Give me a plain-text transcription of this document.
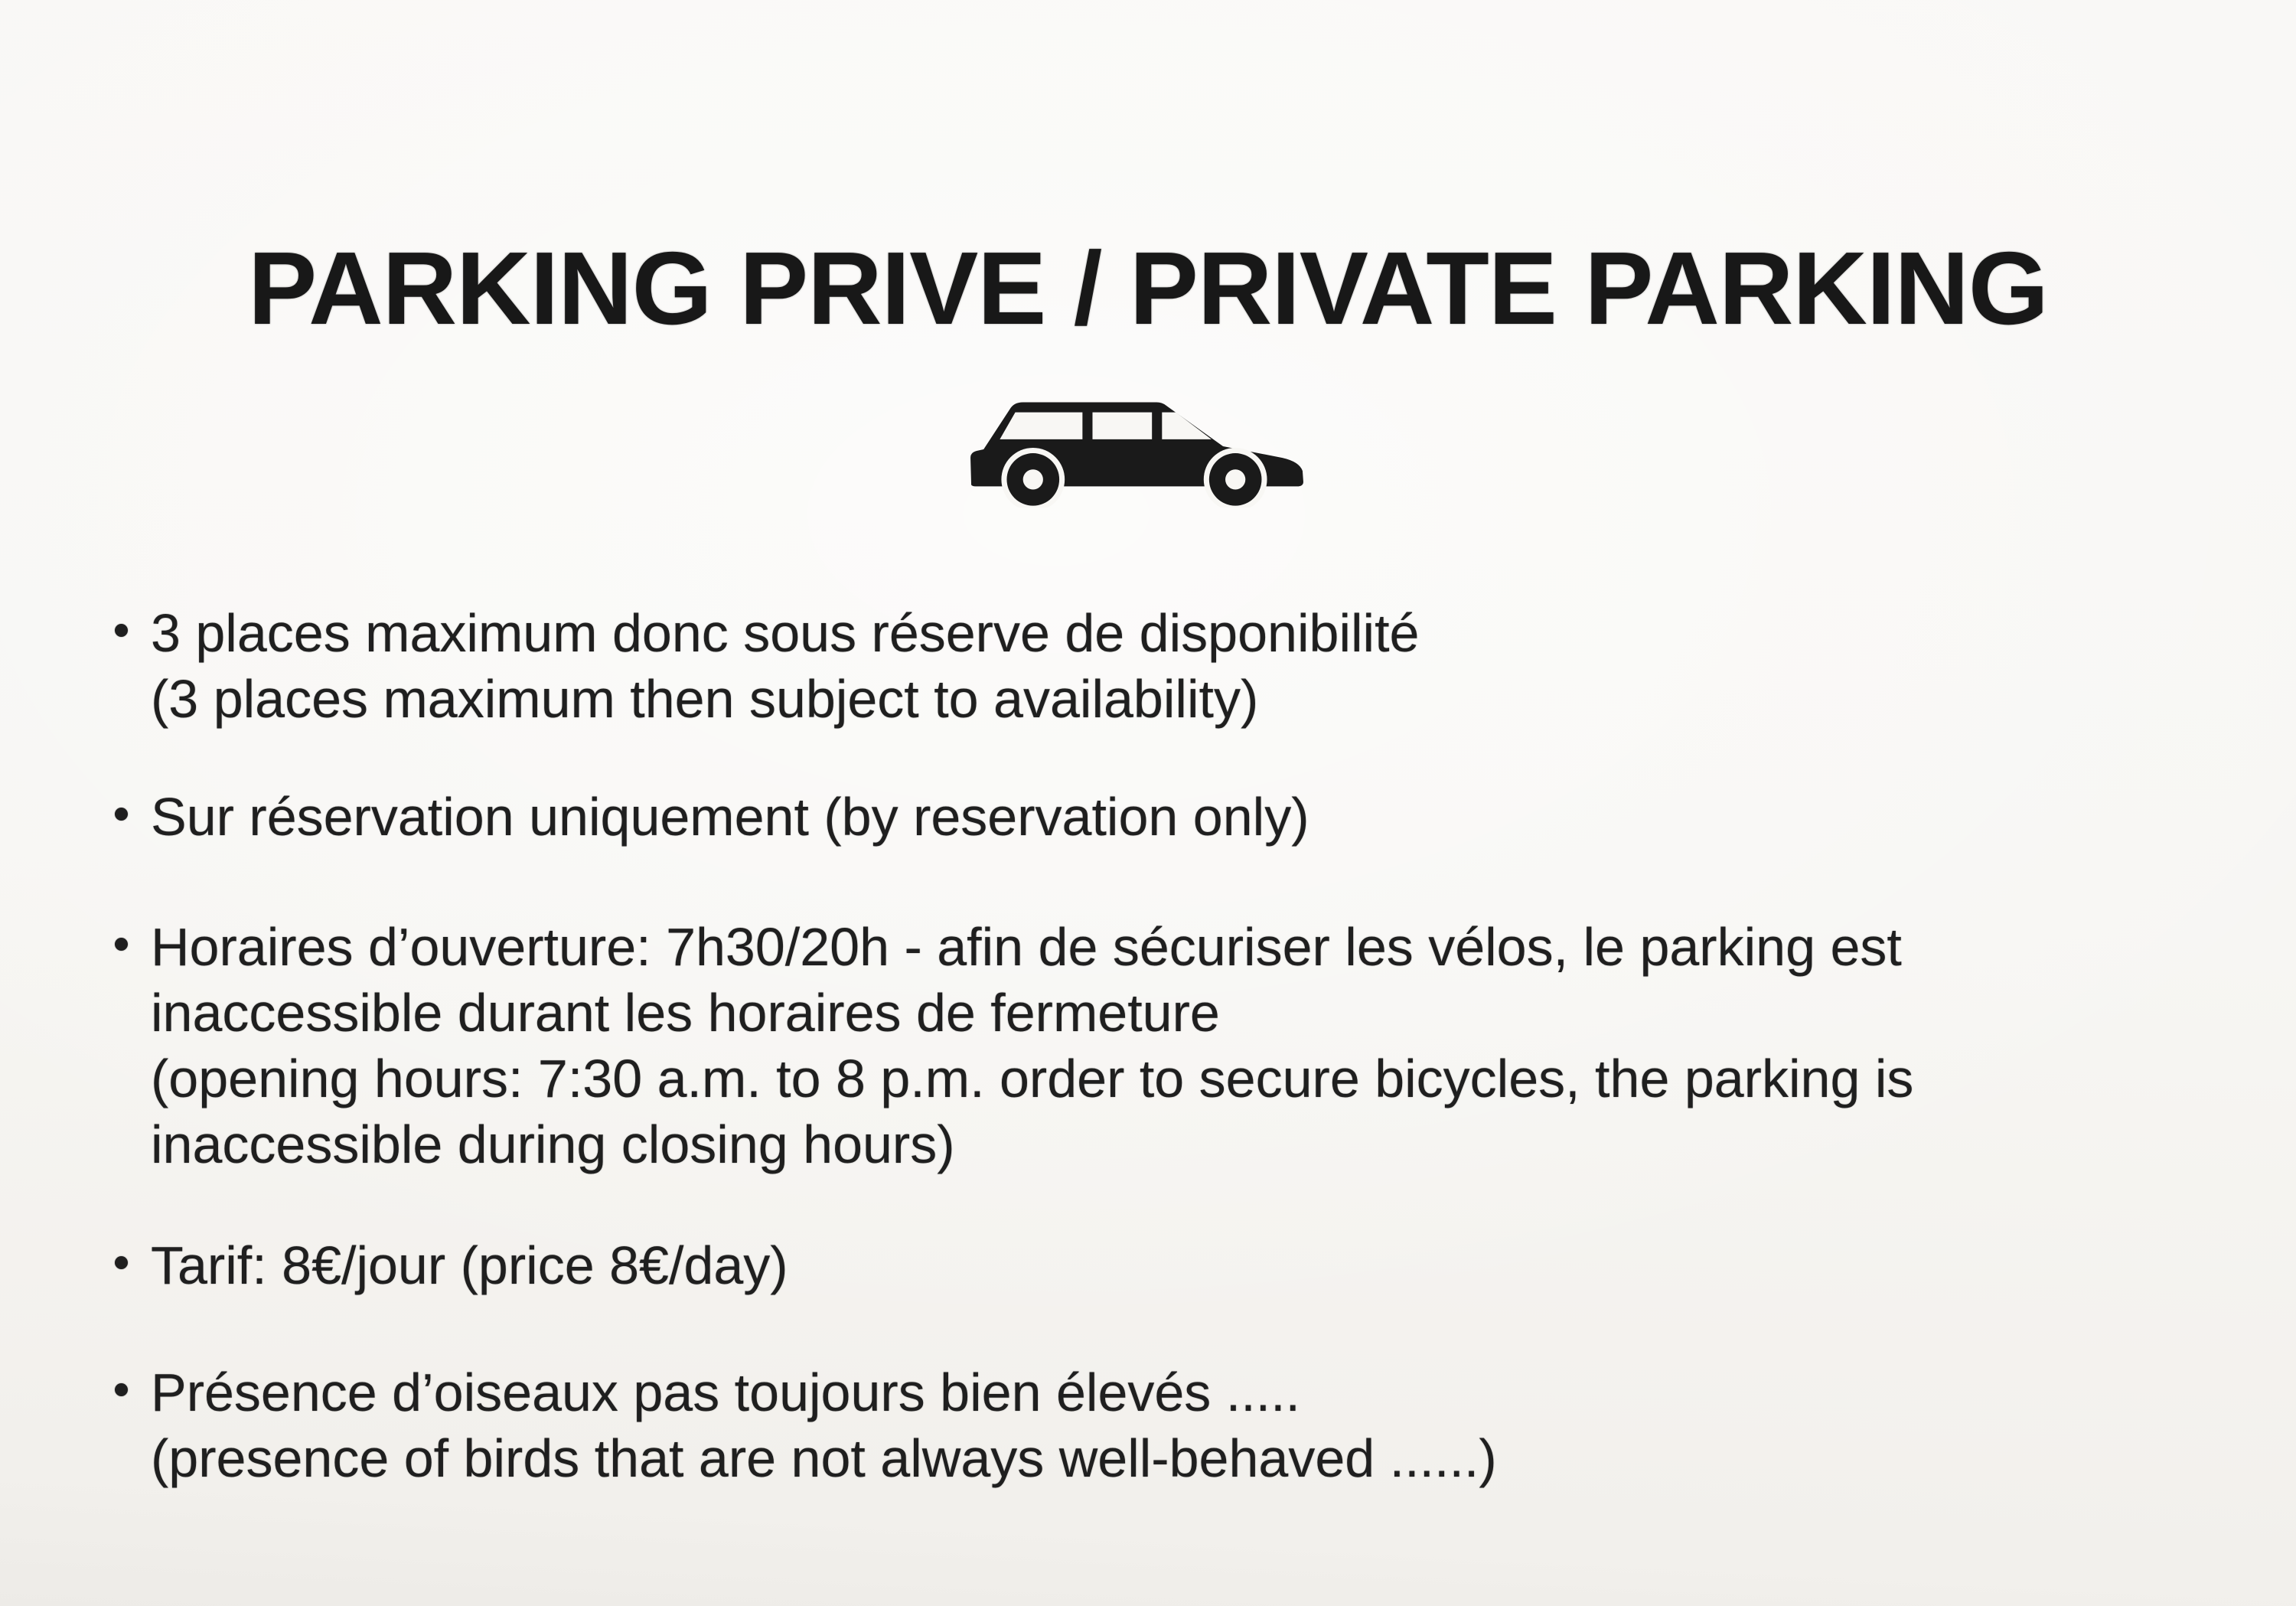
PARKING PRIVE / PRIVATE PARKING
3 places maximum donc sous réserve de disponibilité
(3 places maximum then subject to availability)
Sur réservation uniquement (by reservation only)
Horaires d’ouverture: 7h30/20h - afin de sécuriser les vélos, le parking est
inaccessible durant les horaires de fermeture
(opening hours: 7:30 a.m. to 8 p.m. order to secure bicycles, the parking is
inaccessible during closing hours)
Tarif: 8€/jour (price 8€/day)
Présence d’oiseaux pas toujours bien élevés .....
(presence of birds that are not always well-behaved ......)
